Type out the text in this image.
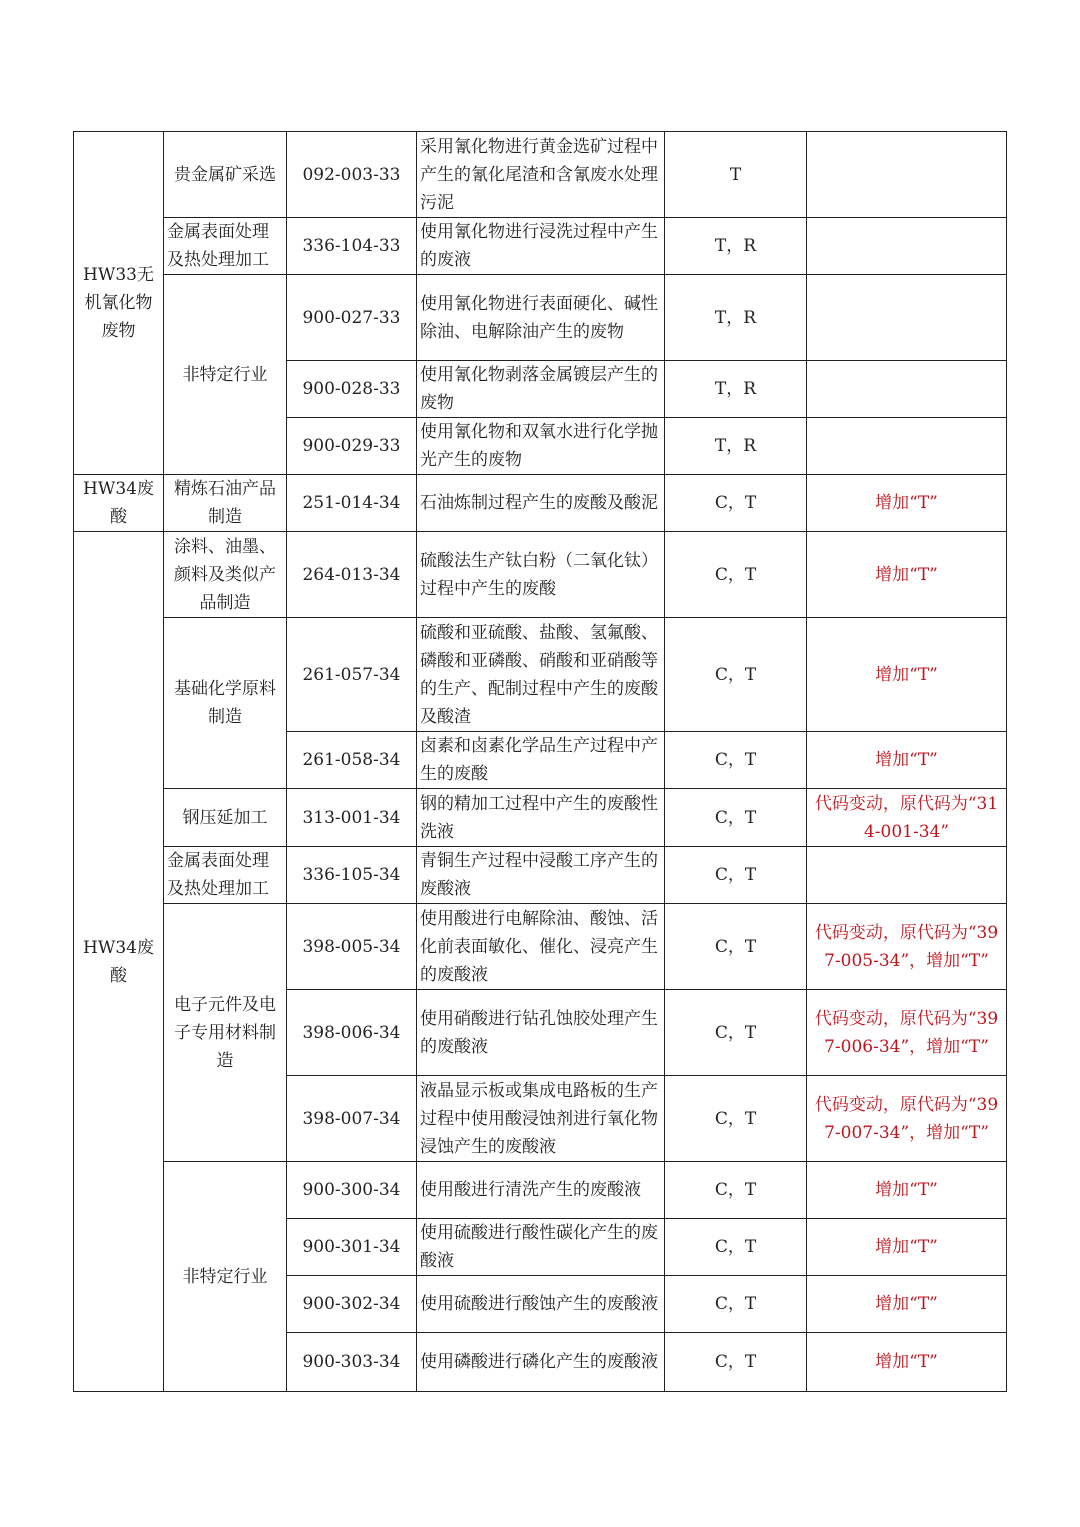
HW33无机氰化物废物	贵金属矿采选	092-003-33	采用氰化物进行黄金选矿过程中产生的氰化尾渣和含氰废水处理污泥	T	
	金属表面处理及热处理加工	336-104-33	使用氰化物进行浸洗过程中产生的废液	T，R	
	非特定行业	900-027-33	使用氰化物进行表面硬化、碱性除油、电解除油产生的废物	T，R	
		900-028-33	使用氰化物剥落金属镀层产生的废物	T，R	
		900-029-33	使用氰化物和双氧水进行化学抛光产生的废物	T，R	
HW34废酸	精炼石油产品制造	251-014-34	石油炼制过程产生的废酸及酸泥	C，T	增加“T”
HW34废酸	涂料、油墨、颜料及类似产品制造	264-013-34	硫酸法生产钛白粉（二氧化钛）过程中产生的废酸	C，T	增加“T”
	基础化学原料制造	261-057-34	硫酸和亚硫酸、盐酸、氢氟酸、磷酸和亚磷酸、硝酸和亚硝酸等的生产、配制过程中产生的废酸及酸渣	C，T	增加“T”
		261-058-34	卤素和卤素化学品生产过程中产生的废酸	C，T	增加“T”
	钢压延加工	313-001-34	钢的精加工过程中产生的废酸性洗液	C，T	代码变动，原代码为“314-001-34”
	金属表面处理及热处理加工	336-105-34	青铜生产过程中浸酸工序产生的废酸液	C，T	
	电子元件及电子专用材料制造	398-005-34	使用酸进行电解除油、酸蚀、活化前表面敏化、催化、浸亮产生的废酸液	C，T	代码变动，原代码为“397-005-34”，增加“T”
		398-006-34	使用硝酸进行钻孔蚀胶处理产生的废酸液	C，T	代码变动，原代码为“397-006-34”，增加“T”
		398-007-34	液晶显示板或集成电路板的生产过程中使用酸浸蚀剂进行氧化物浸蚀产生的废酸液	C，T	代码变动，原代码为“397-007-34”，增加“T”
	非特定行业	900-300-34	使用酸进行清洗产生的废酸液	C，T	增加“T”
		900-301-34	使用硫酸进行酸性碳化产生的废酸液	C，T	增加“T”
		900-302-34	使用硫酸进行酸蚀产生的废酸液	C，T	增加“T”
		900-303-34	使用磷酸进行磷化产生的废酸液	C，T	增加“T”
